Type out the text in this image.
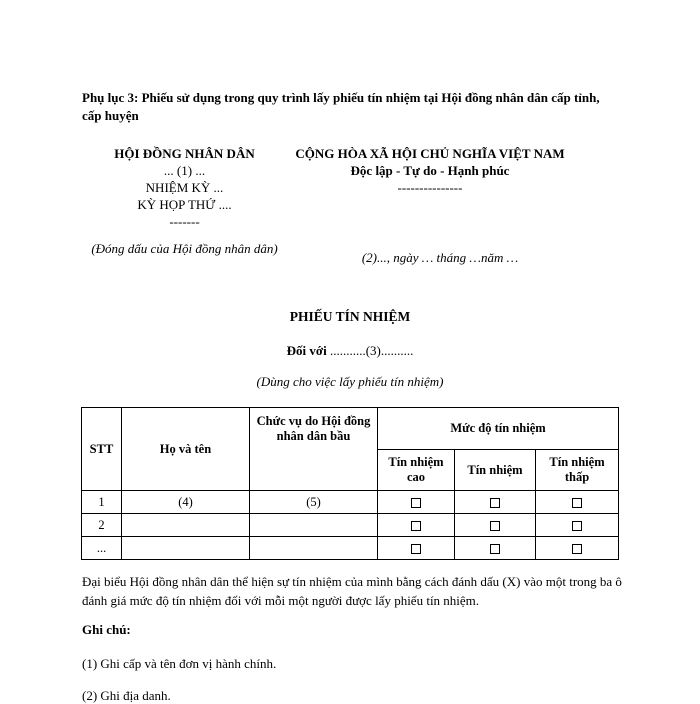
Phụ lục 3: Phiếu sử dụng trong quy trình lấy phiếu tín nhiệm tại Hội đồng nhân dân cấp tỉnh, cấp huyện
HỘI ĐỒNG NHÂN DÂN
... (1) ...
NHIỆM KỲ ...
KỲ HỌP THỨ ....
-------
(Đóng dấu của Hội đồng nhân dân)
CỘNG HÒA XÃ HỘI CHỦ NGHĨA VIỆT NAM
Độc lập - Tự do - Hạnh phúc
---------------
(2)..., ngày … tháng …năm …
PHIẾU TÍN NHIỆM
Đối với ...........(3)..........
(Dùng cho việc lấy phiếu tín nhiệm)
STT	Họ và tên	Chức vụ do Hội đồng nhân dân bầu	Mức độ tín nhiệm		
			Tín nhiệm cao	Tín nhiệm	Tín nhiệm thấp
1	(4)	(5)			
2					
...					
Đại biểu Hội đồng nhân dân thể hiện sự tín nhiệm của mình bằng cách đánh dấu (X) vào một trong ba ô đánh giá mức độ tín nhiệm đối với mỗi một người được lấy phiếu tín nhiệm.
Ghi chú:
(1) Ghi cấp và tên đơn vị hành chính.
(2) Ghi địa danh.
